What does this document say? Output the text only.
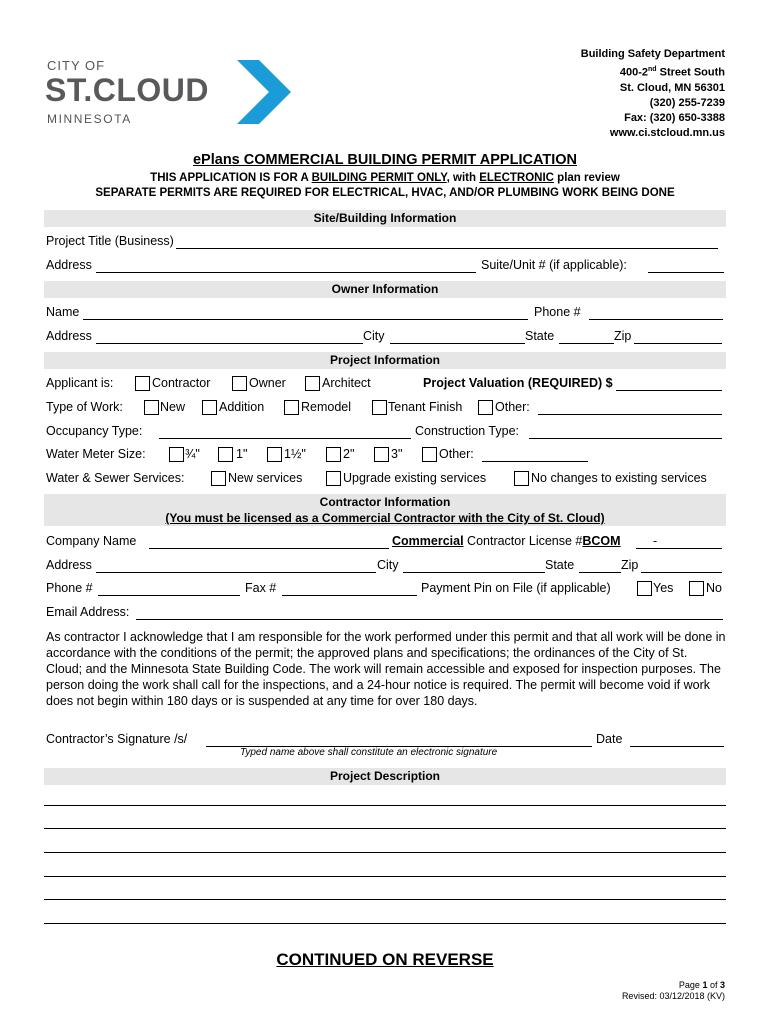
CITY OF
ST.CLOUD
MINNESOTA
Building Safety Department
400-2nd Street South
St. Cloud, MN 56301
(320) 255-7239
Fax: (320) 650-3388
www.ci.stcloud.mn.us
ePlans COMMERCIAL BUILDING PERMIT APPLICATION
THIS APPLICATION IS FOR A BUILDING PERMIT ONLY, with ELECTRONIC plan review
SEPARATE PERMITS ARE REQUIRED FOR ELECTRICAL, HVAC, AND/OR PLUMBING WORK BEING DONE
Site/Building Information
Project Title (Business)
Address	Suite/Unit # (if applicable):
Owner Information
Name	Phone #
Address	City	State	Zip
Project Information
Applicant is:	Contractor	Owner	Architect	Project Valuation (REQUIRED) $
Type of Work:	New	Addition	Remodel	Tenant Finish	Other:
Occupancy Type:	Construction Type:
Water Meter Size:	¾"	1"	1½"	2"	3"	Other:
Water & Sewer Services:	New services	Upgrade existing services	No changes to existing services
Contractor Information
(You must be licensed as a Commercial Contractor with the City of St. Cloud)
Company Name	Commercial Contractor License #BCOM	-
Address	City	State	Zip
Phone #	Fax #	Payment Pin on File (if applicable)	Yes	No
Email Address:
As contractor I acknowledge that I am responsible for the work performed under this permit and that all work will be done in accordance with the conditions of the permit; the approved plans and specifications; the ordinances of the City of St. Cloud; and the Minnesota State Building Code. The work will remain accessible and exposed for inspection purposes. The person doing the work shall call for the inspections, and a 24-hour notice is required. The permit will become void if work does not begin within 180 days or is suspended at any time for over 180 days.
Contractor’s Signature /s/	Date
Typed name above shall constitute an electronic signature
Project Description
CONTINUED ON REVERSE
Page 1 of 3
Revised: 03/12/2018 (KV)
